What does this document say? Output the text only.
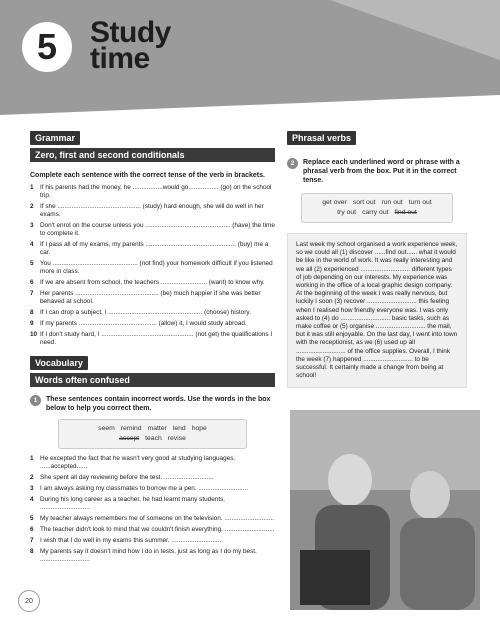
5	Study
time
Grammar
Zero, first and second conditionals

Complete each sentence with the correct tense of the verb in brackets.

1	If his parents had the money, he .................would go................. (go) on the school trip.
2	If she ............................................... (study) hard enough, she will do well in her exams.
3	Don't enrol on the course unless you ................................................ (have) the time to complete it.
4	If I pass all of my exams, my parents ................................................... (buy) me a car.
5	You ................................................ (not find) your homework difficult if you listened more in class.
6	If we are absent from school, the teachers .......................... (want) to know why.
7	Her parents ............................................... (be) much happier if she was better behaved at school.
8	If I can drop a subject, I ..................................................... (choose) history.
9	If my parents ............................................ (allow) it, I would study abroad.
10 If I don't study hard, I .................................................... (not get) the qualifications I need.
Vocabulary
Words often confused
1	These sentences contain incorrect words. Use the words in the box below to help you correct them.

seem remind matter lend hope
accept teach revise
1	He excepted the fact that he wasn't very good at studying languages. ......accepted......
2	She spent all day reviewing before the test. ............................
3	I am always asking my classmates to borrow me a pen. ............................
4	During his long career as a teacher, he had learnt many students. ............................
5	My teacher always remembers me of someone on the television. ............................
6	The teacher didn't look to mind that we couldn't finish everything. ............................
7	I wish that I do well in my exams this summer. ............................
8	My parents say it doesn't mind how I do in tests, just as long as I do my best. ............................
Phrasal verbs
2	Replace each underlined word or phrase with a phrasal verb from the box. Put it in the correct tense.

get over sort out run out turn out
try out carry out find out
Last week my school organised a work experience week, so we could all (1) discover ......find out...... what it would be like in the world of work. It was really interesting and we all (2) experienced ............................ different types of job depending on our interests. My experience was working in the office of a local graphic design company. At the beginning of the week I was really nervous, but luckily I soon (3) recover ............................ this feeling when I realised how friendly everyone was. I was only asked to (4) do ............................ basic tasks, such as make coffee or (5) organise ............................ the mail, but it was still enjoyable. On the last day, I went into town with the receptionist, as we (6) used up all ............................ of the office supplies. Overall, I think the week (7) happened ............................ to be successful. It certainly made a change from being at school!
20
